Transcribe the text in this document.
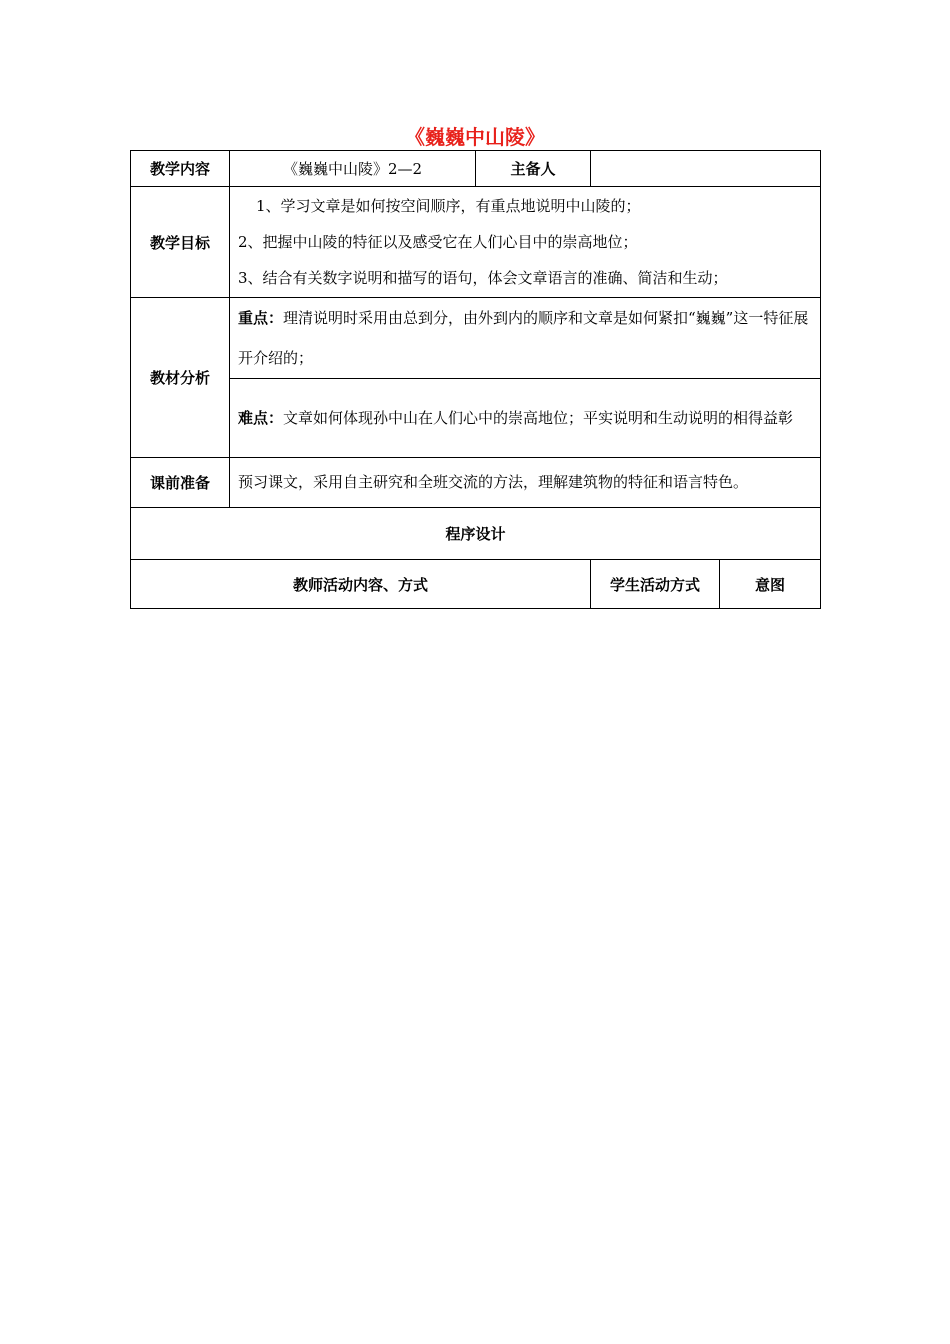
《巍巍中山陵》
教学内容	《巍巍中山陵》2—2	主备人		
教学目标	1、学习文章是如何按空间顺序，有重点地说明中山陵的；
2、把握中山陵的特征以及感受它在人们心目中的崇高地位；
3、结合有关数字说明和描写的语句，体会文章语言的准确、简洁和生动；			

教材分析	重点：理清说明时采用由总到分，由外到内的顺序和文章是如何紧扣“巍巍”这一特征展开介绍的；			
	难点：文章如何体现孙中山在人们心中的崇高地位；平实说明和生动说明的相得益彰			
课前准备	预习课文，采用自主研究和全班交流的方法，理解建筑物的特征和语言特色。			
程序设计				
教师活动内容、方式			学生活动方式	意图
